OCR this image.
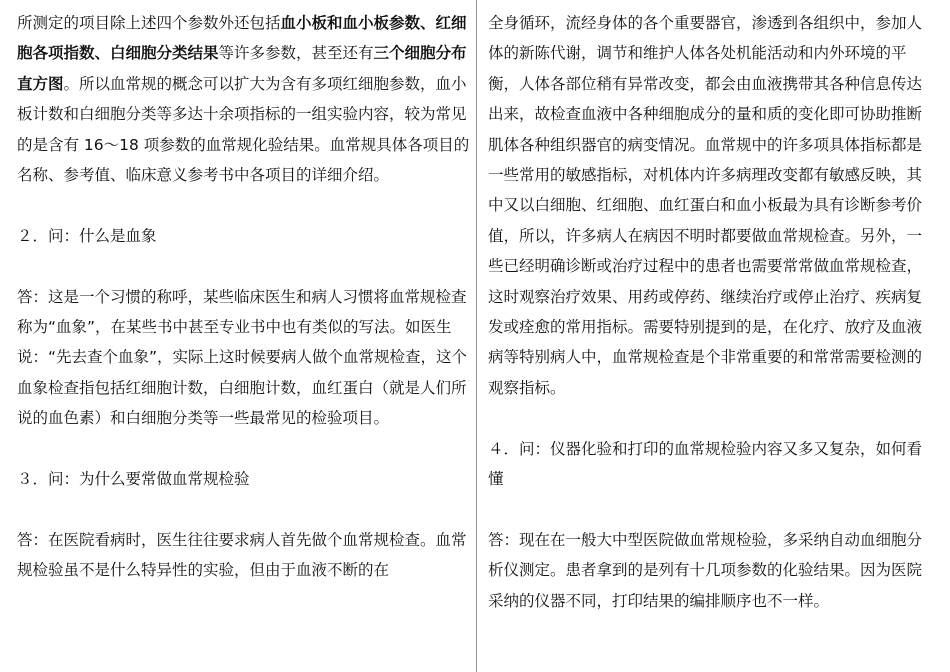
所测定的项目除上述四个参数外还包括血小板和血小板参数、红细胞各项指数、白细胞分类结果等许多参数，甚至还有三个细胞分布直方图。所以血常规的概念可以扩大为含有多项红细胞参数，血小板计数和白细胞分类等多达十余项指标的一组实验内容，较为常见的是含有 16～18 项参数的血常规化验结果。血常规具体各项目的名称、参考值、临床意义参考书中各项目的详细介绍。

２．问：什么是血象

答：这是一个习惯的称呼，某些临床医生和病人习惯将血常规检查称为“血象”，在某些书中甚至专业书中也有类似的写法。如医生说：“先去查个血象”，实际上这时候要病人做个血常规检查，这个血象检查指包括红细胞计数，白细胞计数，血红蛋白（就是人们所说的血色素）和白细胞分类等一些最常见的检验项目。

３．问：为什么要常做血常规检验

答：在医院看病时，医生往往要求病人首先做个血常规检查。血常规检验虽不是什么特异性的实验，但由于血液不断的在

全身循环，流经身体的各个重要器官，渗透到各组织中，参加人体的新陈代谢，调节和维护人体各处机能活动和内外环境的平衡，人体各部位稍有异常改变，都会由血液携带其各种信息传达出来，故检查血液中各种细胞成分的量和质的变化即可协助推断肌体各种组织器官的病变情况。血常规中的许多项具体指标都是一些常用的敏感指标，对机体内许多病理改变都有敏感反映，其中又以白细胞、红细胞、血红蛋白和血小板最为具有诊断参考价值，所以，许多病人在病因不明时都要做血常规检查。另外，一些已经明确诊断或治疗过程中的患者也需要常常做血常规检查，这时观察治疗效果、用药或停药、继续治疗或停止治疗、疾病复发或痊愈的常用指标。需要特别提到的是，在化疗、放疗及血液病等特别病人中，血常规检查是个非常重要的和常常需要检测的观察指标。

４．问：仪器化验和打印的血常规检验内容又多又复杂，如何看懂

答：现在在一般大中型医院做血常规检验，多采纳自动血细胞分析仪测定。患者拿到的是列有十几项参数的化验结果。因为医院采纳的仪器不同，打印结果的编排顺序也不一样。
